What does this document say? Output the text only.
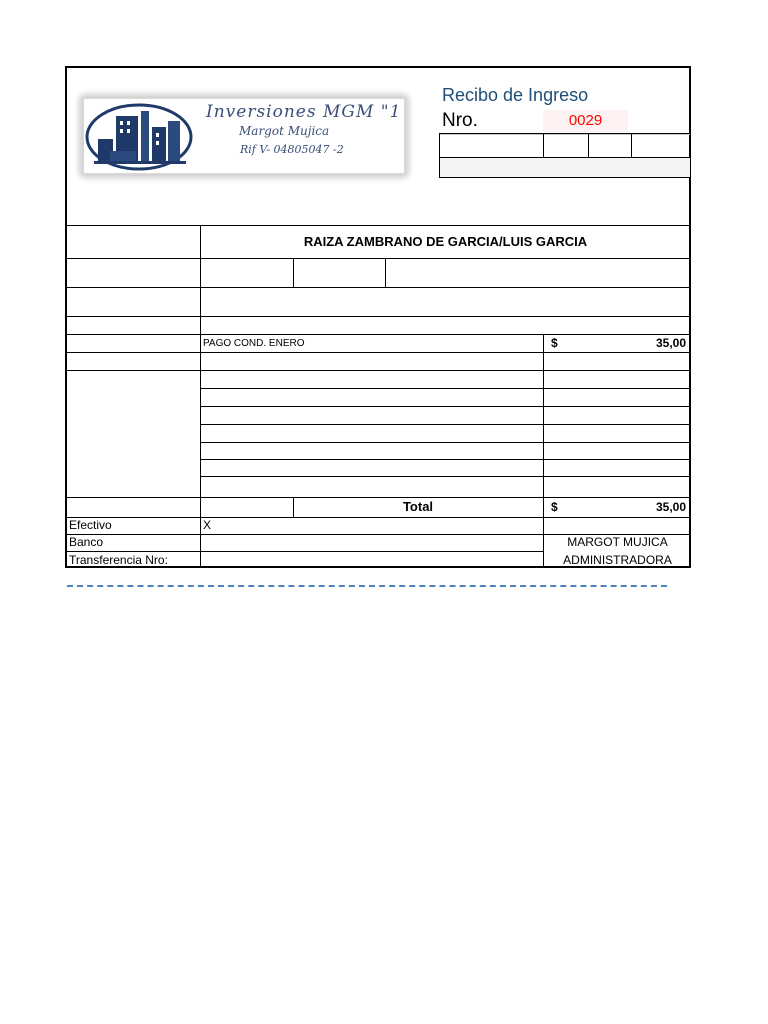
Inversiones MGM "1
Margot Mujica
Rif V- 04805047 -2
Recibo de Ingreso
Nro.	0029
RAIZA ZAMBRANO DE GARCIA/LUIS GARCIA
PAGO COND. ENERO	$	35,00
Total	$	35,00
Efectivo	X
Banco
Transferencia Nro:
MARGOT MUJICA
ADMINISTRADORA
